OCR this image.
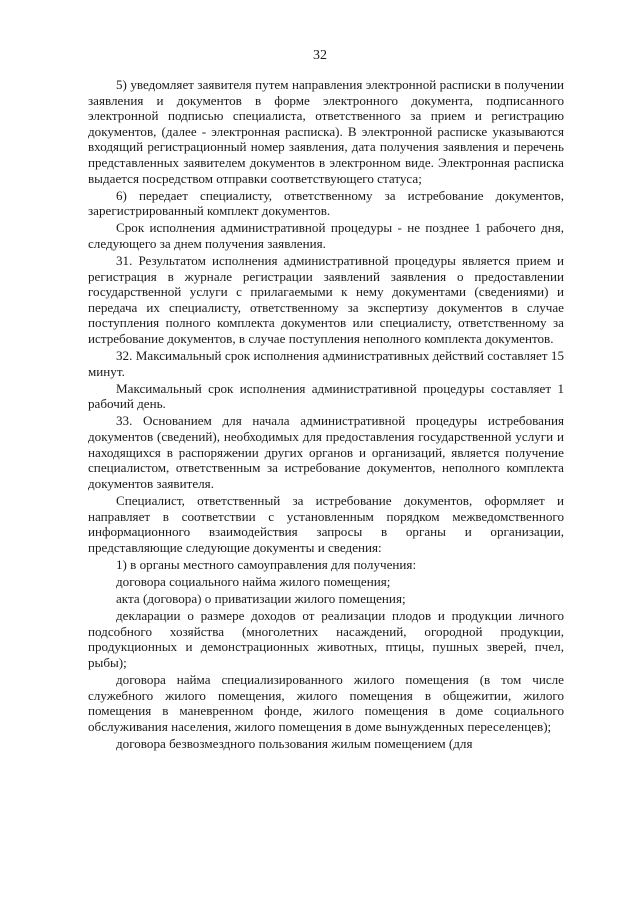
32

5) уведомляет заявителя путем направления электронной расписки в получении заявления и документов в форме электронного документа, подписанного электронной подписью специалиста, ответственного за прием и регистрацию документов, (далее - электронная расписка). В электронной расписке указываются входящий регистрационный номер заявления, дата получения заявления и перечень представленных заявителем документов в электронном виде. Электронная расписка выдается посредством отправки соответствующего статуса;

6) передает специалисту, ответственному за истребование документов, зарегистрированный комплект документов.

Срок исполнения административной процедуры - не позднее 1 рабочего дня, следующего за днем получения заявления.

31. Результатом исполнения административной процедуры является прием и регистрация в журнале регистрации заявлений заявления о предоставлении государственной услуги с прилагаемыми к нему документами (сведениями) и передача их специалисту, ответственному за экспертизу документов в случае поступления полного комплекта документов или специалисту, ответственному за истребование документов, в случае поступления неполного комплекта документов.

32. Максимальный срок исполнения административных действий составляет 15 минут.

Максимальный срок исполнения административной процедуры составляет 1 рабочий день.

33. Основанием для начала административной процедуры истребования документов (сведений), необходимых для предоставления государственной услуги и находящихся в распоряжении других органов и организаций, является получение специалистом, ответственным за истребование документов, неполного комплекта документов заявителя.

Специалист, ответственный за истребование документов, оформляет и направляет в соответствии с установленным порядком межведомственного информационного взаимодействия запросы в органы и организации, представляющие следующие документы и сведения:

1) в органы местного самоуправления для получения:

договора социального найма жилого помещения;

акта (договора) о приватизации жилого помещения;

декларации о размере доходов от реализации плодов и продукции личного подсобного хозяйства (многолетних насаждений, огородной продукции, продукционных и демонстрационных животных, птицы, пушных зверей, пчел, рыбы);

договора найма специализированного жилого помещения (в том числе служебного жилого помещения, жилого помещения в общежитии, жилого помещения в маневренном фонде, жилого помещения в доме социального обслуживания населения, жилого помещения в доме вынужденных переселенцев);

договора безвозмездного пользования жилым помещением (для
